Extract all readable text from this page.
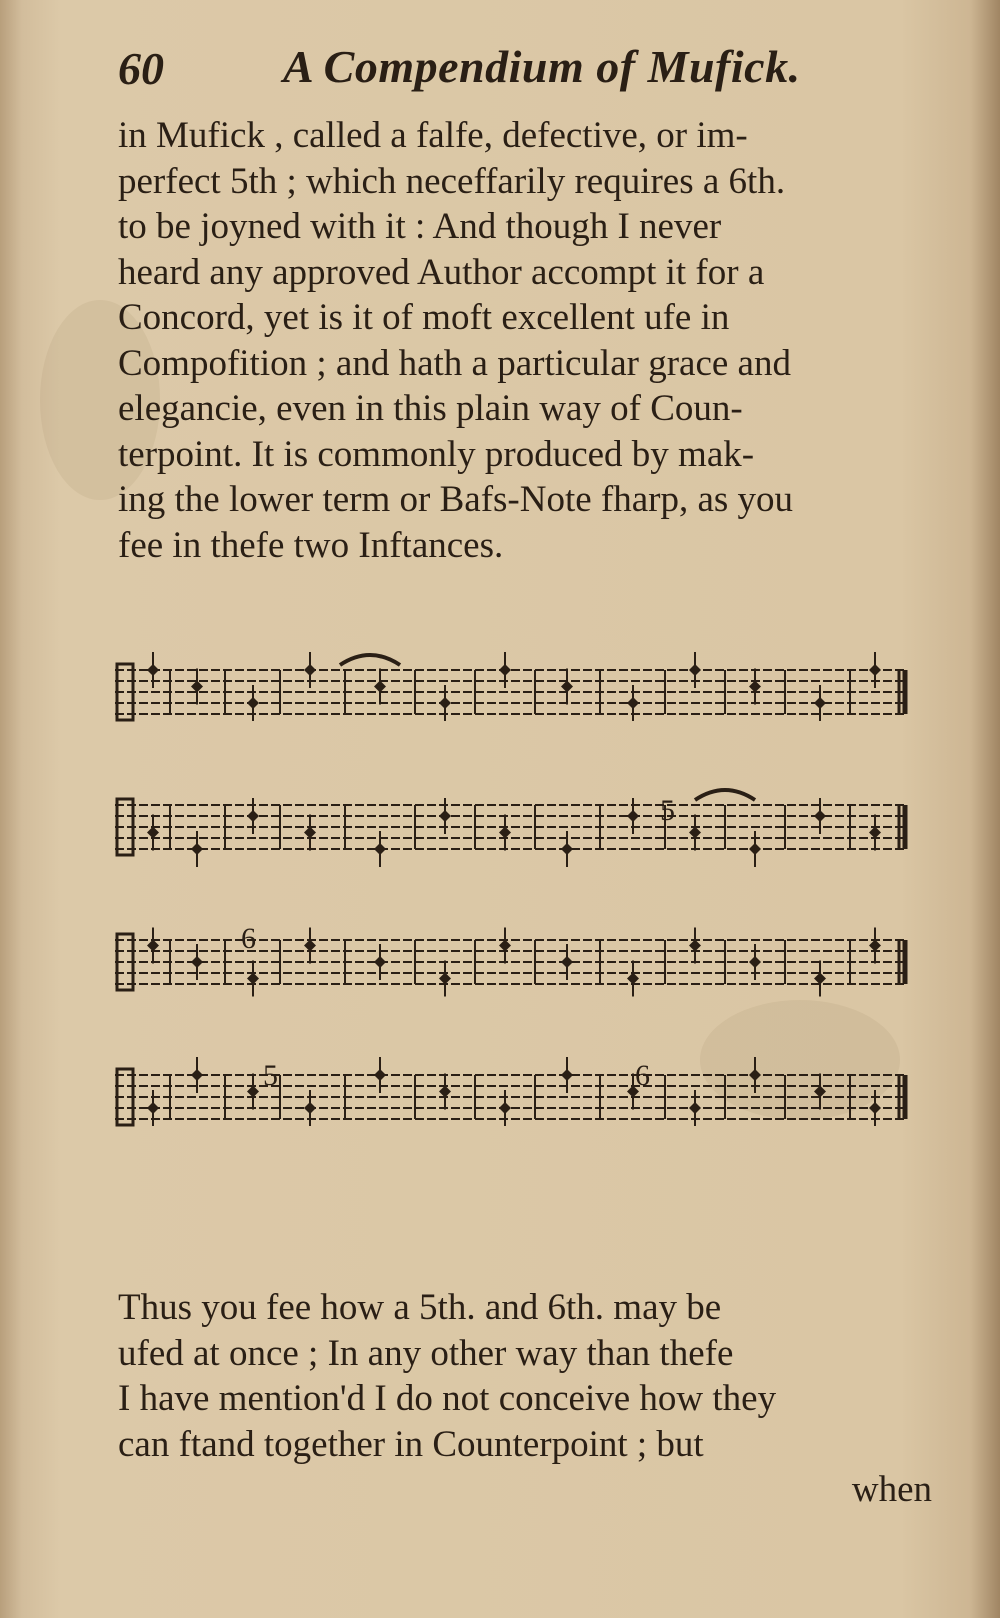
60	A Compendium of Mufick.
in Mufick , called a falfe, defective, or im-
perfect 5th ; which neceffarily requires a 6th.
to be joyned with it : And though I never
heard any approved Author accompt it for a
Concord, yet is it of moft excellent ufe in
Compofition ; and hath a particular grace and
elegancie, even in this plain way of Coun-
terpoint. It is commonly produced by mak-
ing the lower term or Bafs-Note fharp, as you
fee in thefe two Inftances.
5
6
5	6
Thus you fee how a 5th. and 6th. may be
ufed at once ; In any other way than thefe
I have mention'd I do not conceive how they
can ftand together in Counterpoint ; but
when
